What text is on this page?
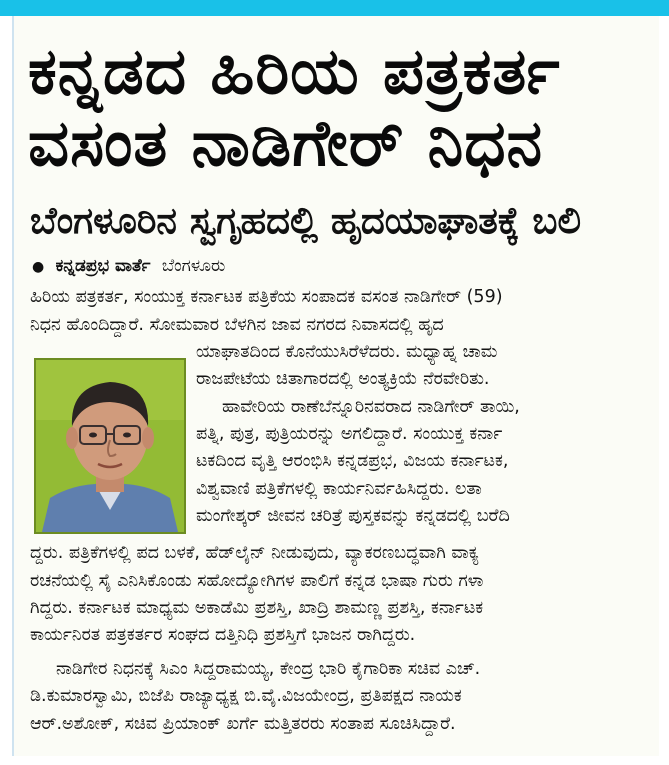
ಕನ್ನಡದ ಹಿರಿಯ ಪತ್ರಕರ್ತ
ವಸಂತ ನಾಡಿಗೇರ್ ನಿಧನ
ಬೆಂಗಳೂರಿನ ಸ್ವಗೃಹದಲ್ಲಿ ಹೃದಯಾಘಾತಕ್ಕೆ ಬಲಿ
● ಕನ್ನಡಪ್ರಭ ವಾರ್ತೆ ಬೆಂಗಳೂರು
ಹಿರಿಯ ಪತ್ರಕರ್ತ, ಸಂಯುಕ್ತ ಕರ್ನಾಟಕ ಪತ್ರಿಕೆಯ ಸಂಪಾದಕ ವಸಂತ ನಾಡಿಗೇರ್ (59)
ನಿಧನ ಹೊಂದಿದ್ದಾರೆ. ಸೋಮವಾರ ಬೆಳಗಿನ ಜಾವ ನಗರದ ನಿವಾಸದಲ್ಲಿ ಹೃದ
ಯಾಘಾತದಿಂದ ಕೊನೆಯುಸಿರೆಳೆದರು. ಮಧ್ಯಾಹ್ನ ಚಾಮ
ರಾಜಪೇಟೆಯ ಚಿತಾಗಾರದಲ್ಲಿ ಅಂತ್ಯಕ್ರಿಯೆ ನೆರವೇರಿತು.
ಹಾವೇರಿಯ ರಾಣೆಬೆನ್ನೂರಿನವರಾದ ನಾಡಿಗೇರ್ ತಾಯಿ,
ಪತ್ನಿ, ಪುತ್ರ, ಪುತ್ರಿಯರನ್ನು ಅಗಲಿದ್ದಾರೆ. ಸಂಯುಕ್ತ ಕರ್ನಾ
ಟಕದಿಂದ ವೃತ್ತಿ ಆರಂಭಿಸಿ ಕನ್ನಡಪ್ರಭ, ವಿಜಯ ಕರ್ನಾಟಕ,
ವಿಶ್ವವಾಣಿ ಪತ್ರಿಕೆಗಳಲ್ಲಿ ಕಾರ್ಯನಿರ್ವಹಿಸಿದ್ದರು. ಲತಾ
ಮಂಗೇಶ್ಕರ್ ಜೀವನ ಚರಿತ್ರೆ ಪುಸ್ತಕವನ್ನು ಕನ್ನಡದಲ್ಲಿ ಬರೆದಿ
ದ್ದರು. ಪತ್ರಿಕೆಗಳಲ್ಲಿ ಪದ ಬಳಕೆ, ಹೆಡ್‌ಲೈನ್ ನೀಡುವುದು, ವ್ಯಾಕರಣಬದ್ಧವಾಗಿ ವಾಕ್ಯ
ರಚನೆಯಲ್ಲಿ ಸೈ ಎನಿಸಿಕೊಂಡು ಸಹೋದ್ಯೋಗಿಗಳ ಪಾಲಿಗೆ ಕನ್ನಡ ಭಾಷಾ ಗುರು ಗಳಾ
ಗಿದ್ದರು. ಕರ್ನಾಟಕ ಮಾಧ್ಯಮ ಅಕಾಡೆಮಿ ಪ್ರಶಸ್ತಿ, ಖಾದ್ರಿ ಶಾಮಣ್ಣ ಪ್ರಶಸ್ತಿ, ಕರ್ನಾಟಕ
ಕಾರ್ಯನಿರತ ಪತ್ರಕರ್ತರ ಸಂಘದ ದತ್ತಿನಿಧಿ ಪ್ರಶಸ್ತಿಗೆ ಭಾಜನ ರಾಗಿದ್ದರು.
ನಾಡಿಗೇರ ನಿಧನಕ್ಕೆ ಸಿಎಂ ಸಿದ್ದರಾಮಯ್ಯ, ಕೇಂದ್ರ ಭಾರಿ ಕೈಗಾರಿಕಾ ಸಚಿವ ಎಚ್.
ಡಿ.ಕುಮಾರಸ್ವಾಮಿ, ಬಿಜೆಪಿ ರಾಜ್ಯಾಧ್ಯಕ್ಷ ಬಿ.ವೈ.ವಿಜಯೇಂದ್ರ, ಪ್ರತಿಪಕ್ಷದ ನಾಯಕ
ಆರ್.ಅಶೋಕ್, ಸಚಿವ ಪ್ರಿಯಾಂಕ್ ಖರ್ಗೆ ಮತ್ತಿತರರು ಸಂತಾಪ ಸೂಚಿಸಿದ್ದಾರೆ.
